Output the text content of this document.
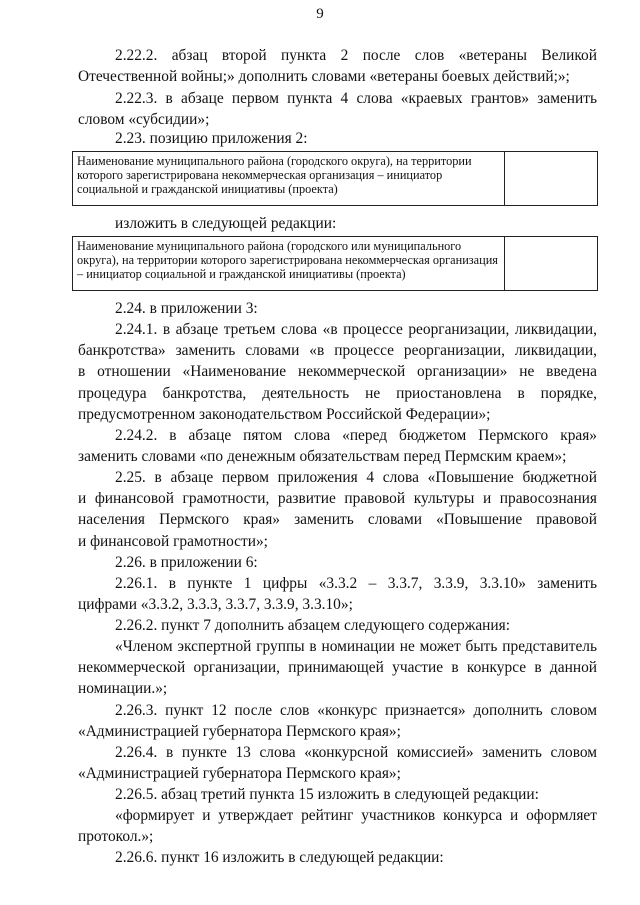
9
2.22.2. абзац второй пункта 2 после слов «ветераны Великой
Отечественной войны;» дополнить словами «ветераны боевых действий;»;
2.22.3. в абзаце первом пункта 4 слова «краевых грантов» заменить
словом «субсидии»;
2.23. позицию приложения 2:
Наименование муниципального района (городского округа), на территории которого зарегистрирована некоммерческая организация – инициатор социальной и гражданской инициативы (проекта)	
изложить в следующей редакции:
Наименование муниципального района (городского или муниципального округа), на территории которого зарегистрирована некоммерческая организация – инициатор социальной и гражданской инициативы (проекта)	
2.24. в приложении 3:
2.24.1. в абзаце третьем слова «в процессе реорганизации, ликвидации,
банкротства» заменить словами «в процессе реорганизации, ликвидации,
в отношении «Наименование некоммерческой организации» не введена
процедура банкротства, деятельность не приостановлена в порядке,
предусмотренном законодательством Российской Федерации»;
2.24.2. в абзаце пятом слова «перед бюджетом Пермского края»
заменить словами «по денежным обязательствам перед Пермским краем»;
2.25. в абзаце первом приложения 4 слова «Повышение бюджетной
и финансовой грамотности, развитие правовой культуры и правосознания
населения Пермского края» заменить словами «Повышение правовой
и финансовой грамотности»;
2.26. в приложении 6:
2.26.1. в пункте 1 цифры «3.3.2 – 3.3.7, 3.3.9, 3.3.10» заменить
цифрами «3.3.2, 3.3.3, 3.3.7, 3.3.9, 3.3.10»;
2.26.2. пункт 7 дополнить абзацем следующего содержания:
«Членом экспертной группы в номинации не может быть представитель
некоммерческой организации, принимающей участие в конкурсе в данной
номинации.»;
2.26.3. пункт 12 после слов «конкурс признается» дополнить словом
«Администрацией губернатора Пермского края»;
2.26.4. в пункте 13 слова «конкурсной комиссией» заменить словом
«Администрацией губернатора Пермского края»;
2.26.5. абзац третий пункта 15 изложить в следующей редакции:
«формирует и утверждает рейтинг участников конкурса и оформляет
протокол.»;
2.26.6. пункт 16 изложить в следующей редакции:
